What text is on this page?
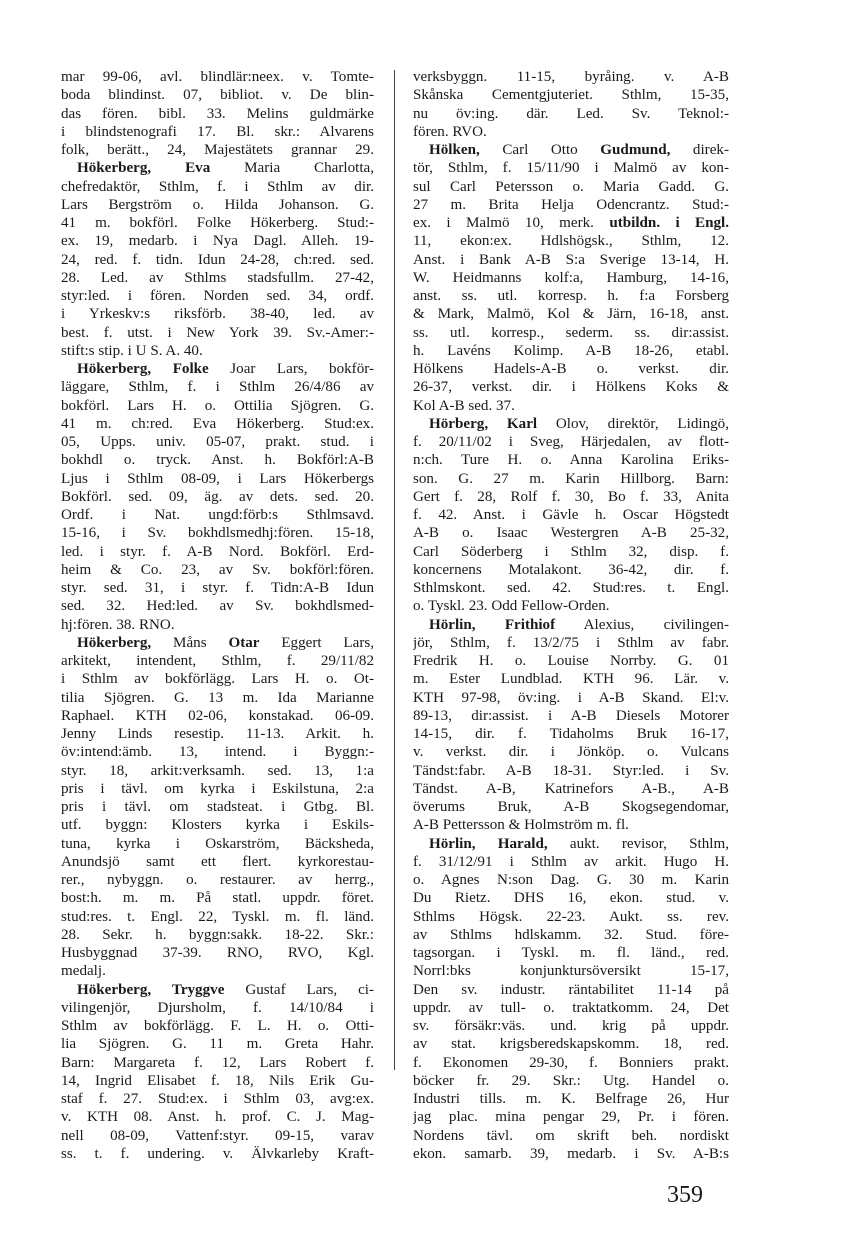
mar 99-06, avl. blindlär:neex. v. Tomte-
boda blindinst. 07, bibliot. v. De blin-
das fören. bibl. 33. Melins guldmärke
i blindstenografi 17. Bl. skr.: Alvarens
folk, berätt., 24, Majestätets grannar 29.
Hökerberg, Eva Maria Charlotta,
chefredaktör, Sthlm, f. i Sthlm av dir.
Lars Bergström o. Hilda Johanson. G.
41 m. bokförl. Folke Hökerberg. Stud:-
ex. 19, medarb. i Nya Dagl. Alleh. 19-
24, red. f. tidn. Idun 24-28, ch:red. sed.
28. Led. av Sthlms stadsfullm. 27-42,
styr:led. i fören. Norden sed. 34, ordf.
i Yrkeskv:s riksförb. 38-40, led. av
best. f. utst. i New York 39. Sv.-Amer:-
stift:s stip. i U S. A. 40.
Hökerberg, Folke Joar Lars, bokför-
läggare, Sthlm, f. i Sthlm 26/4/86 av
bokförl. Lars H. o. Ottilia Sjögren. G.
41 m. ch:red. Eva Hökerberg. Stud:ex.
05, Upps. univ. 05-07, prakt. stud. i
bokhdl o. tryck. Anst. h. Bokförl:A-B
Ljus i Sthlm 08-09, i Lars Hökerbergs
Bokförl. sed. 09, äg. av dets. sed. 20.
Ordf. i Nat. ungd:förb:s Sthlmsavd.
15-16, i Sv. bokhdlsmedhj:fören. 15-18,
led. i styr. f. A-B Nord. Bokförl. Erd-
heim & Co. 23, av Sv. bokförl:fören.
styr. sed. 31, i styr. f. Tidn:A-B Idun
sed. 32. Hed:led. av Sv. bokhdlsmed-
hj:fören. 38. RNO.
Hökerberg, Måns Otar Eggert Lars,
arkitekt, intendent, Sthlm, f. 29/11/82
i Sthlm av bokförlägg. Lars H. o. Ot-
tilia Sjögren. G. 13 m. Ida Marianne
Raphael. KTH 02-06, konstakad. 06-09.
Jenny Linds resestip. 11-13. Arkit. h.
öv:intend:ämb. 13, intend. i Byggn:-
styr. 18, arkit:verksamh. sed. 13, 1:a
pris i tävl. om kyrka i Eskilstuna, 2:a
pris i tävl. om stadsteat. i Gtbg. Bl.
utf. byggn: Klosters kyrka i Eskils-
tuna, kyrka i Oskarström, Bäcksheda,
Anundsjö samt ett flert. kyrkorestau-
rer., nybyggn. o. restaurer. av herrg.,
bost:h. m. m. På statl. uppdr. föret.
stud:res. t. Engl. 22, Tyskl. m. fl. länd.
28. Sekr. h. byggn:sakk. 18-22. Skr.:
Husbyggnad 37-39. RNO, RVO, Kgl.
medalj.
Hökerberg, Tryggve Gustaf Lars, ci-
vilingenjör, Djursholm, f. 14/10/84 i
Sthlm av bokförlägg. F. L. H. o. Otti-
lia Sjögren. G. 11 m. Greta Hahr.
Barn: Margareta f. 12, Lars Robert f.
14, Ingrid Elisabet f. 18, Nils Erik Gu-
staf f. 27. Stud:ex. i Sthlm 03, avg:ex.
v. KTH 08. Anst. h. prof. C. J. Mag-
nell 08-09, Vattenf:styr. 09-15, varav
ss. t. f. undering. v. Älvkarleby Kraft-
verksbyggn. 11-15, byråing. v. A-B
Skånska Cementgjuteriet. Sthlm, 15-35,
nu öv:ing. där. Led. Sv. Teknol:-
fören. RVO.
Hölken, Carl Otto Gudmund, direk-
tör, Sthlm, f. 15/11/90 i Malmö av kon-
sul Carl Petersson o. Maria Gadd. G.
27 m. Brita Helja Odencrantz. Stud:-
ex. i Malmö 10, merk. utbildn. i Engl.
11, ekon:ex. Hdlshögsk., Sthlm, 12.
Anst. i Bank A-B S:a Sverige 13-14, H.
W. Heidmanns kolf:a, Hamburg, 14-16,
anst. ss. utl. korresp. h. f:a Forsberg
& Mark, Malmö, Kol & Järn, 16-18, anst.
ss. utl. korresp., sederm. ss. dir:assist.
h. Lavéns Kolimp. A-B 18-26, etabl.
Hölkens Hadels-A-B o. verkst. dir.
26-37, verkst. dir. i Hölkens Koks &
Kol A-B sed. 37.
Hörberg, Karl Olov, direktör, Lidingö,
f. 20/11/02 i Sveg, Härjedalen, av flott-
n:ch. Ture H. o. Anna Karolina Eriks-
son. G. 27 m. Karin Hillborg. Barn:
Gert f. 28, Rolf f. 30, Bo f. 33, Anita
f. 42. Anst. i Gävle h. Oscar Högstedt
A-B o. Isaac Westergren A-B 25-32,
Carl Söderberg i Sthlm 32, disp. f.
koncernens Motalakont. 36-42, dir. f.
Sthlmskont. sed. 42. Stud:res. t. Engl.
o. Tyskl. 23. Odd Fellow-Orden.
Hörlin, Frithiof Alexius, civilingen-
jör, Sthlm, f. 13/2/75 i Sthlm av fabr.
Fredrik H. o. Louise Norrby. G. 01
m. Ester Lundblad. KTH 96. Lär. v.
KTH 97-98, öv:ing. i A-B Skand. El:v.
89-13, dir:assist. i A-B Diesels Motorer
14-15, dir. f. Tidaholms Bruk 16-17,
v. verkst. dir. i Jönköp. o. Vulcans
Tändst:fabr. A-B 18-31. Styr:led. i Sv.
Tändst. A-B, Katrinefors A-B., A-B
överums Bruk, A-B Skogsegendomar,
A-B Pettersson & Holmström m. fl.
Hörlin, Harald, aukt. revisor, Sthlm,
f. 31/12/91 i Sthlm av arkit. Hugo H.
o. Agnes N:son Dag. G. 30 m. Karin
Du Rietz. DHS 16, ekon. stud. v.
Sthlms Högsk. 22-23. Aukt. ss. rev.
av Sthlms hdlskamm. 32. Stud. före-
tagsorgan. i Tyskl. m. fl. länd., red.
Norrl:bks konjunktursöversikt 15-17,
Den sv. industr. räntabilitet 11-14 på
uppdr. av tull- o. traktatkomm. 24, Det
sv. försäkr:väs. und. krig på uppdr.
av stat. krigsberedskapskomm. 18, red.
f. Ekonomen 29-30, f. Bonniers prakt.
böcker fr. 29. Skr.: Utg. Handel o.
Industri tills. m. K. Belfrage 26, Hur
jag plac. mina pengar 29, Pr. i fören.
Nordens tävl. om skrift beh. nordiskt
ekon. samarb. 39, medarb. i Sv. A-B:s
359
